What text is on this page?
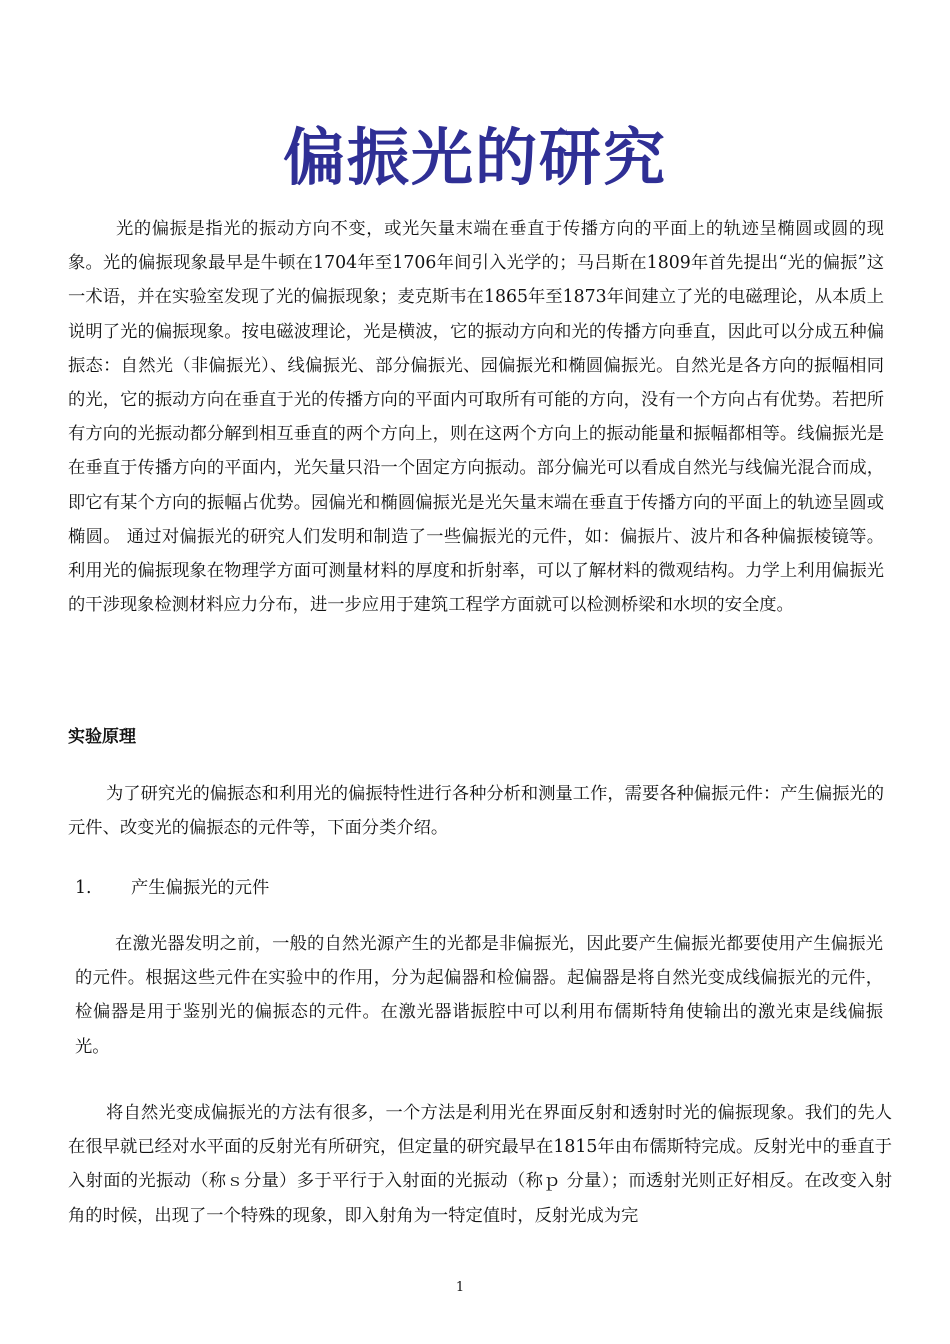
偏振光的研究

光的偏振是指光的振动方向不变，或光矢量末端在垂直于传播方向的平面上的轨迹呈椭圆或圆的现象。光的偏振现象最早是牛顿在1704年至1706年间引入光学的；马吕斯在1809年首先提出“光的偏振”这一术语，并在实验室发现了光的偏振现象；麦克斯韦在1865年至1873年间建立了光的电磁理论，从本质上说明了光的偏振现象。按电磁波理论，光是横波，它的振动方向和光的传播方向垂直，因此可以分成五种偏振态：自然光（非偏振光）、线偏振光、部分偏振光、园偏振光和椭圆偏振光。自然光是各方向的振幅相同的光，它的振动方向在垂直于光的传播方向的平面内可取所有可能的方向，没有一个方向占有优势。若把所有方向的光振动都分解到相互垂直的两个方向上，则在这两个方向上的振动能量和振幅都相等。线偏振光是在垂直于传播方向的平面内，光矢量只沿一个固定方向振动。部分偏光可以看成自然光与线偏光混合而成，即它有某个方向的振幅占优势。园偏光和椭圆偏振光是光矢量末端在垂直于传播方向的平面上的轨迹呈圆或椭圆。 通过对偏振光的研究人们发明和制造了一些偏振光的元件，如：偏振片、波片和各种偏振棱镜等。利用光的偏振现象在物理学方面可测量材料的厚度和折射率，可以了解材料的微观结构。力学上利用偏振光的干涉现象检测材料应力分布，进一步应用于建筑工程学方面就可以检测桥梁和水坝的安全度。

实验原理

为了研究光的偏振态和利用光的偏振特性进行各种分析和测量工作，需要各种偏振元件：产生偏振光的元件、改变光的偏振态的元件等，下面分类介绍。

1. 产生偏振光的元件

在激光器发明之前，一般的自然光源产生的光都是非偏振光，因此要产生偏振光都要使用产生偏振光的元件。根据这些元件在实验中的作用，分为起偏器和检偏器。起偏器是将自然光变成线偏振光的元件，检偏器是用于鉴别光的偏振态的元件。在激光器谐振腔中可以利用布儒斯特角使输出的激光束是线偏振光。

将自然光变成偏振光的方法有很多，一个方法是利用光在界面反射和透射时光的偏振现象。我们的先人在很早就已经对水平面的反射光有所研究，但定量的研究最早在1815年由布儒斯特完成。反射光中的垂直于入射面的光振动（称ｓ分量）多于平行于入射面的光振动（称ｐ 分量）；而透射光则正好相反。在改变入射角的时候，出现了一个特殊的现象，即入射角为一特定值时，反射光成为完

1
